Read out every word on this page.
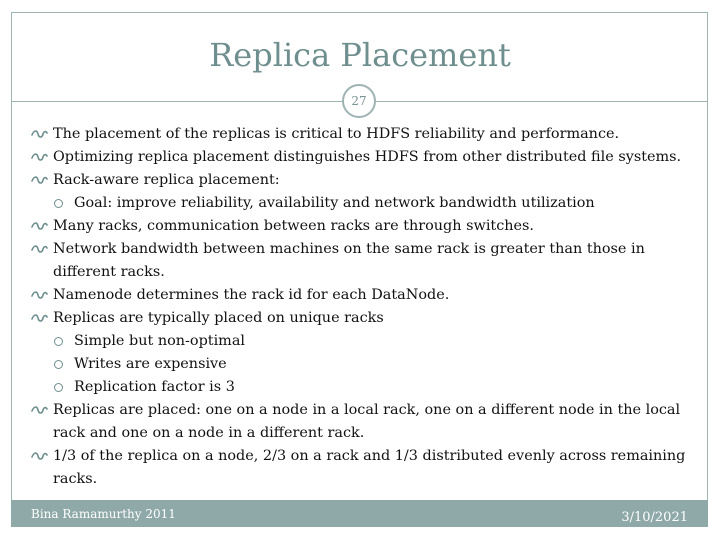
Replica Placement
27
The placement of the replicas is critical to HDFS reliability and performance.
Optimizing replica placement distinguishes HDFS from other distributed file systems.
Rack-aware replica placement:
Goal: improve reliability, availability and network bandwidth utilization
Many racks, communication between racks are through switches.
Network bandwidth between machines on the same rack is greater than those in different racks.
Namenode determines the rack id for each DataNode.
Replicas are typically placed on unique racks
Simple but non-optimal
Writes are expensive
Replication factor is 3
Replicas are placed: one on a node in a local rack, one on a different node in the local rack and one on a node in a different rack.
1/3 of the replica on a node, 2/3 on a rack and 1/3 distributed evenly across remaining racks.
Bina Ramamurthy 2011	3/10/2021
